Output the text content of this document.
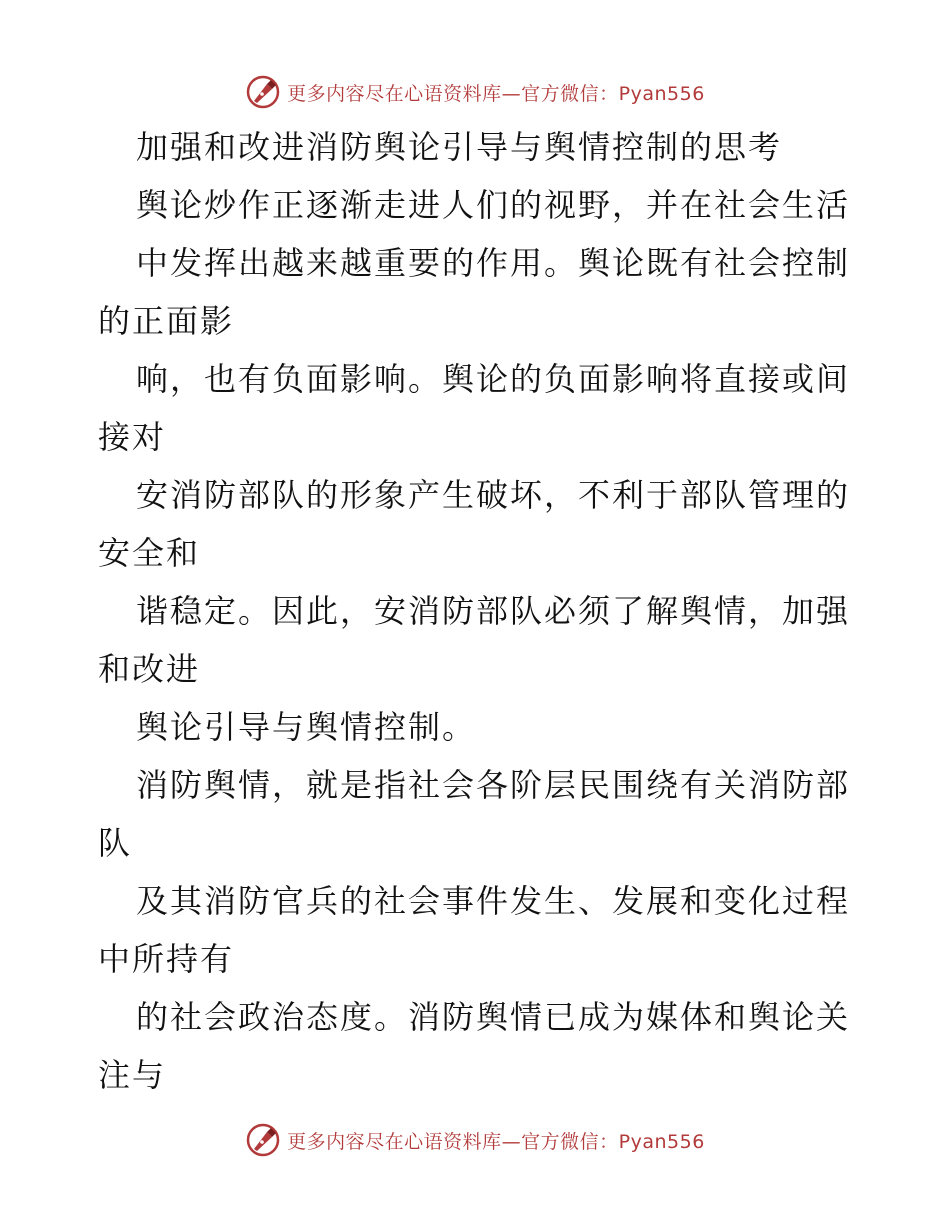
更多内容尽在心语资料库—官方微信：Pyan556
加强和改进消防舆论引导与舆情控制的思考
舆论炒作正逐渐走进人们的视野，并在社会生活
中发挥出越来越重要的作用。舆论既有社会控制
的正面影
响，也有负面影响。舆论的负面影响将直接或间
接对
安消防部队的形象产生破坏，不利于部队管理的
安全和
谐稳定。因此，安消防部队必须了解舆情，加强
和改进
舆论引导与舆情控制。
消防舆情，就是指社会各阶层民围绕有关消防部
队
及其消防官兵的社会事件发生、发展和变化过程
中所持有
的社会政治态度。消防舆情已成为媒体和舆论关
注与
更多内容尽在心语资料库—官方微信：Pyan556
